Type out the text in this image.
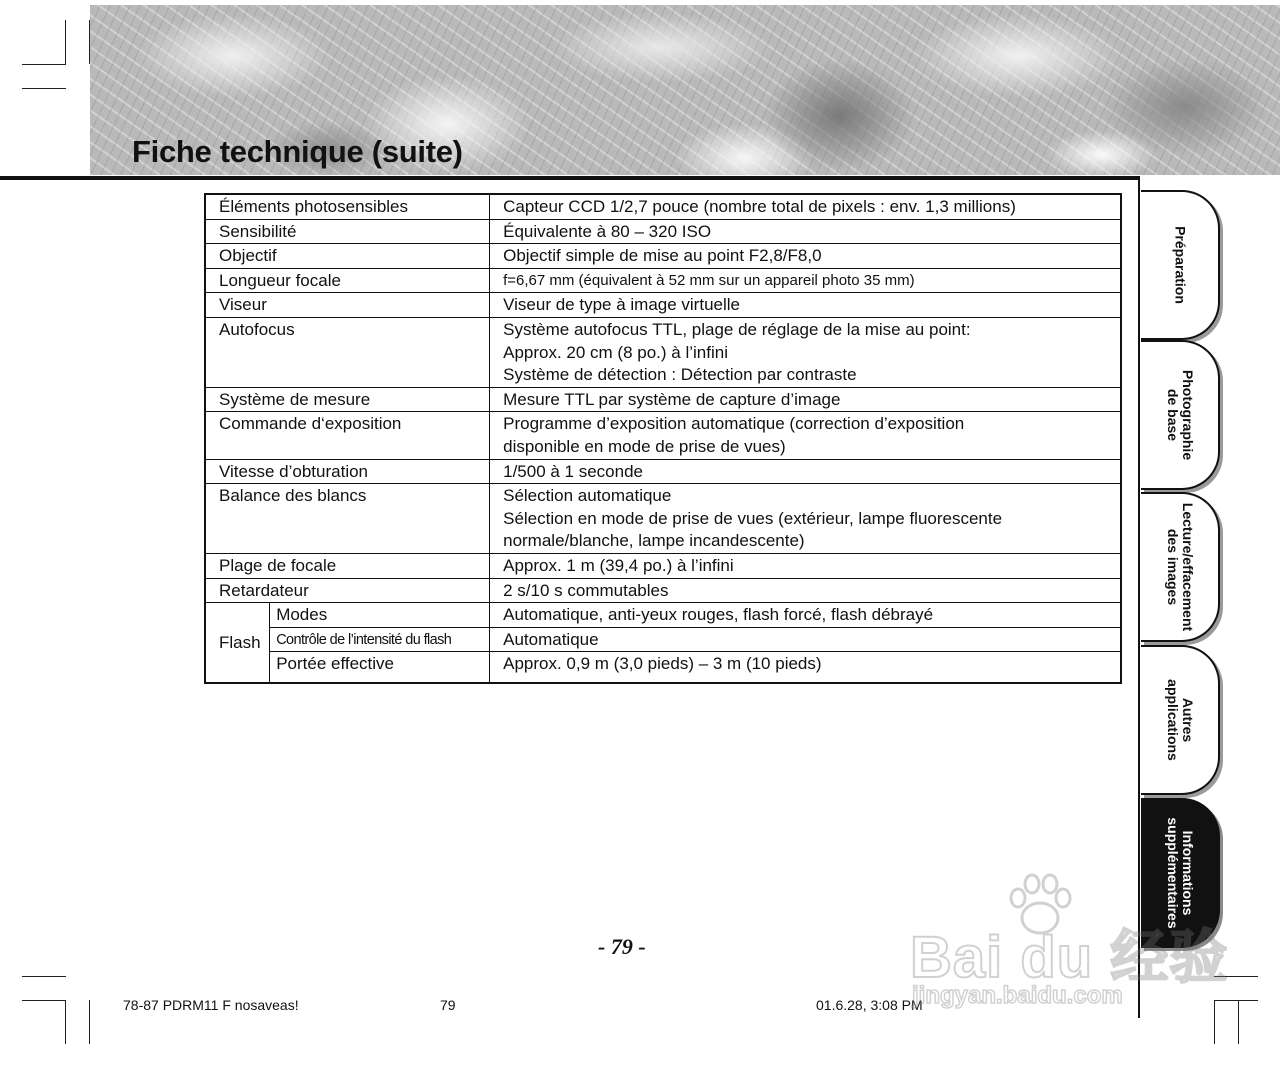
Fiche technique (suite)
Éléments photosensibles		Capteur CCD 1/2,7 pouce (nombre total de pixels : env. 1,3 millions)

Sensibilité		Équivalente à 80 – 320 ISO

Objectif		Objectif simple de mise au point F2,8/F8,0

Longueur focale		f=6,67 mm (équivalent à 52 mm sur un appareil photo 35 mm)

Viseur		Viseur de type à image virtuelle

Autofocus		Système autofocus TTL, plage de réglage de la mise au point:
Approx. 20 cm (8 po.) à l’infini
Système de détection : Détection par contraste

Système de mesure		Mesure TTL par système de capture d’image

Commande d‘exposition		Programme d’exposition automatique (correction d’exposition
disponible en mode de prise de vues)

Vitesse d’obturation		1/500 à 1 seconde

Balance des blancs		Sélection automatique
Sélection en mode de prise de vues (extérieur, lampe fluorescente
normale/blanche, lampe incandescente)

Plage de focale		Approx. 1 m (39,4 po.) à l’infini

Retardateur		2 s/10 s commutables

Flash	Modes	Automatique, anti-yeux rouges, flash forcé, flash débrayé
	Contrôle de l’intensité du flash	Automatique
	Portée effective	Approx. 0,9 m (3,0 pieds) – 3 m (10 pieds)
Préparation
Photographie
de base
Lecture/effacement
des images
Autres
applications
Informations
supplémentaires
- 79 -
78-87 PDRM11 F nosaveas!	79	01.6.28, 3:08 PM
Bai du 经验
jingyan.baidu.com
